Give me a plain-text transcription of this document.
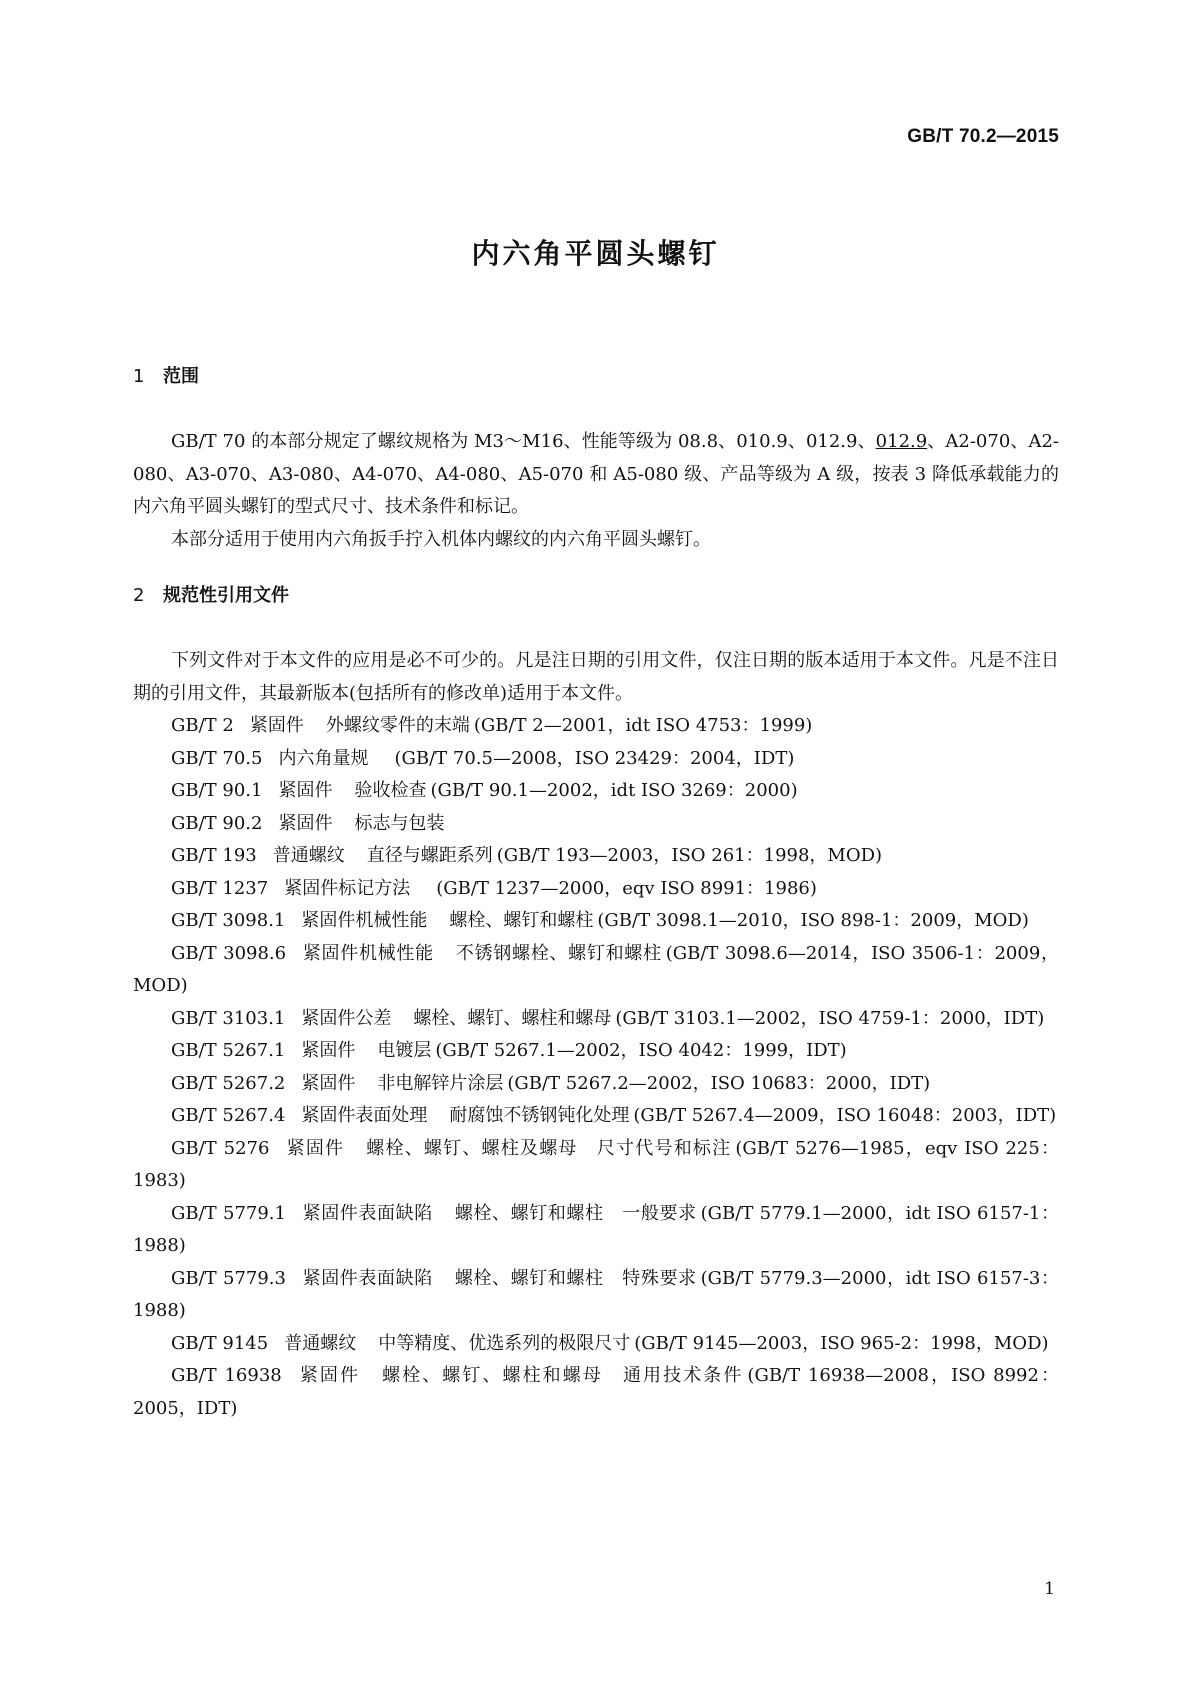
GB/T 70.2—2015
内六角平圆头螺钉
1 范围

GB/T 70 的本部分规定了螺纹规格为 M3～M16、性能等级为 08.8、010.9、012.9、012.9、A2-070、A2-080、A3-070、A3-080、A4-070、A4-080、A5-070 和 A5-080 级、产品等级为 A 级，按表 3 降低承载能力的内六角平圆头螺钉的型式尺寸、技术条件和标记。

本部分适用于使用内六角扳手拧入机体内螺纹的内六角平圆头螺钉。

2 规范性引用文件

下列文件对于本文件的应用是必不可少的。凡是注日期的引用文件，仅注日期的版本适用于本文件。凡是不注日期的引用文件，其最新版本(包括所有的修改单)适用于本文件。

GB/T 2 紧固件 外螺纹零件的末端 (GB/T 2—2001，idt ISO 4753：1999)

GB/T 70.5 内六角量规 (GB/T 70.5—2008，ISO 23429：2004，IDT)

GB/T 90.1 紧固件 验收检查 (GB/T 90.1—2002，idt ISO 3269：2000)

GB/T 90.2 紧固件 标志与包装

GB/T 193 普通螺纹 直径与螺距系列 (GB/T 193—2003，ISO 261：1998，MOD)

GB/T 1237 紧固件标记方法 (GB/T 1237—2000，eqv ISO 8991：1986)

GB/T 3098.1 紧固件机械性能 螺栓、螺钉和螺柱 (GB/T 3098.1—2010，ISO 898-1：2009，MOD)

GB/T 3098.6 紧固件机械性能 不锈钢螺栓、螺钉和螺柱 (GB/T 3098.6—2014，ISO 3506-1：2009，MOD)

GB/T 3103.1 紧固件公差 螺栓、螺钉、螺柱和螺母 (GB/T 3103.1—2002，ISO 4759-1：2000，IDT)

GB/T 5267.1 紧固件 电镀层 (GB/T 5267.1—2002，ISO 4042：1999，IDT)

GB/T 5267.2 紧固件 非电解锌片涂层 (GB/T 5267.2—2002，ISO 10683：2000，IDT)

GB/T 5267.4 紧固件表面处理 耐腐蚀不锈钢钝化处理 (GB/T 5267.4—2009，ISO 16048：2003，IDT)

GB/T 5276 紧固件 螺栓、螺钉、螺柱及螺母　尺寸代号和标注 (GB/T 5276—1985，eqv ISO 225：1983)

GB/T 5779.1 紧固件表面缺陷 螺栓、螺钉和螺柱　一般要求 (GB/T 5779.1—2000，idt ISO 6157-1：1988)

GB/T 5779.3 紧固件表面缺陷 螺栓、螺钉和螺柱　特殊要求 (GB/T 5779.3—2000，idt ISO 6157-3：1988)

GB/T 9145 普通螺纹 中等精度、优选系列的极限尺寸 (GB/T 9145—2003，ISO 965-2：1998，MOD)

GB/T 16938 紧固件 螺栓、螺钉、螺柱和螺母　通用技术条件 (GB/T 16938—2008，ISO 8992：2005，IDT)

1
